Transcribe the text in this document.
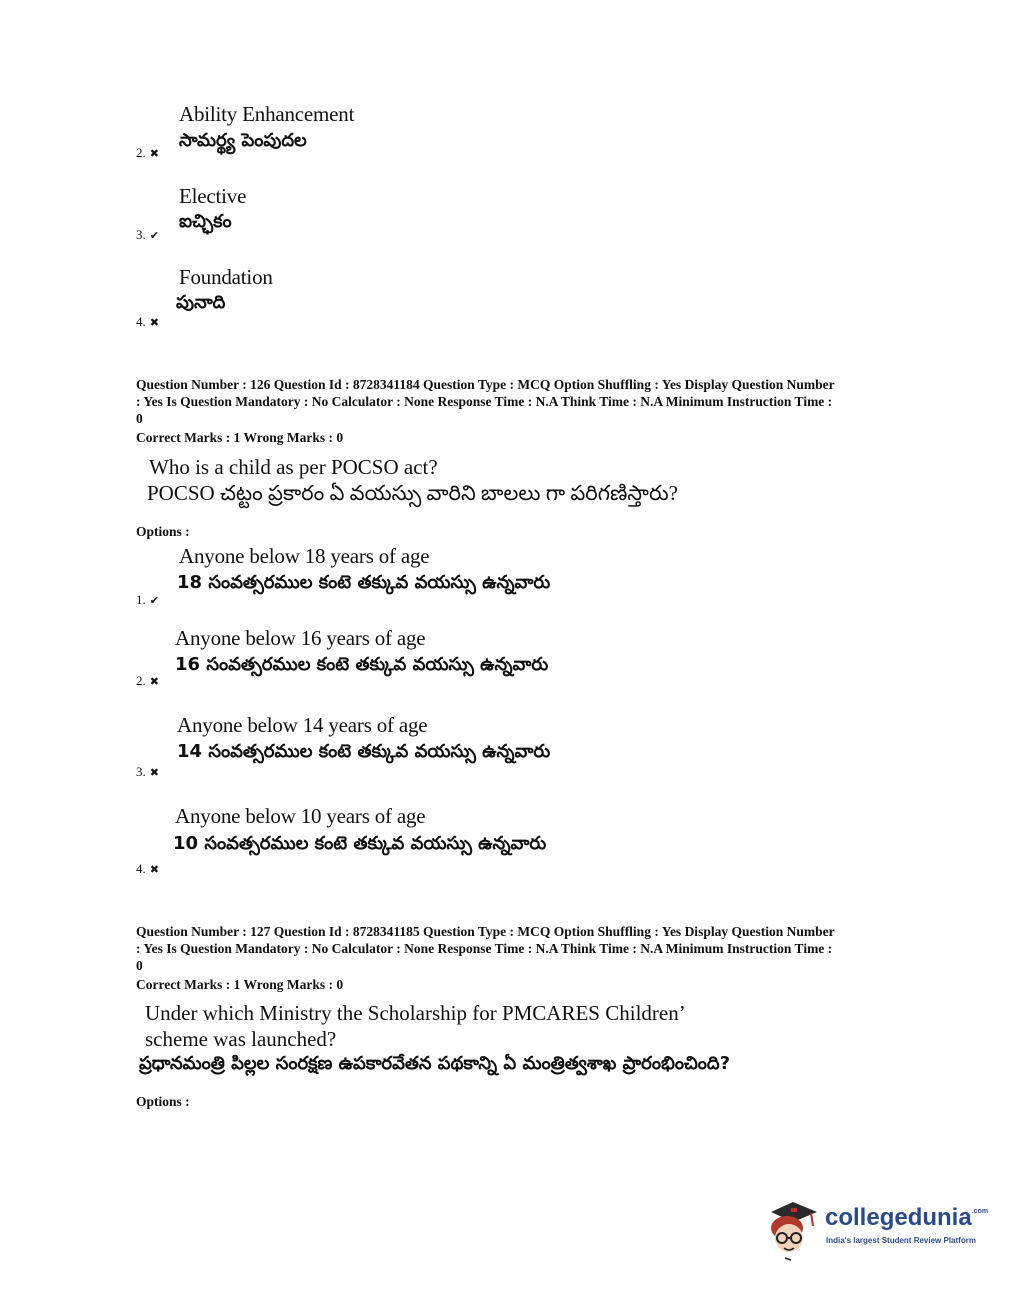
Ability Enhancement
సామర్థ్య పెంపుదల
2. ✖
Elective
ఐచ్ఛికం
3. ✔
Foundation
పునాది
4. ✖
Question Number : 126 Question Id : 8728341184 Question Type : MCQ Option Shuffling : Yes Display Question Number
: Yes Is Question Mandatory : No Calculator : None Response Time : N.A Think Time : N.A Minimum Instruction Time :
0
Correct Marks : 1 Wrong Marks : 0
Who is a child as per POCSO act?
POCSO చట్టం ప్రకారం ఏ వయస్సు వారిని బాలలు గా పరిగణిస్తారు?
Options :
Anyone below 18 years of age
18 సంవత్సరముల కంటె తక్కువ వయస్సు ఉన్నవారు
1. ✔
Anyone below 16 years of age
16 సంవత్సరముల కంటె తక్కువ వయస్సు ఉన్నవారు
2. ✖
Anyone below 14 years of age
14 సంవత్సరముల కంటె తక్కువ వయస్సు ఉన్నవారు
3. ✖
Anyone below 10 years of age
10 సంవత్సరముల కంటె తక్కువ వయస్సు ఉన్నవారు
4. ✖
Question Number : 127 Question Id : 8728341185 Question Type : MCQ Option Shuffling : Yes Display Question Number
: Yes Is Question Mandatory : No Calculator : None Response Time : N.A Think Time : N.A Minimum Instruction Time :
0
Correct Marks : 1 Wrong Marks : 0
Under which Ministry the Scholarship for PMCARES Children’
scheme was launched?
ప్రధానమంత్రి పిల్లల సంరక్షణ ఉపకారవేతన పథకాన్ని ఏ మంత్రిత్వశాఖ ప్రారంభించింది?
Options :
collegedunia$^{.com}$
India's largest Student Review Platform
